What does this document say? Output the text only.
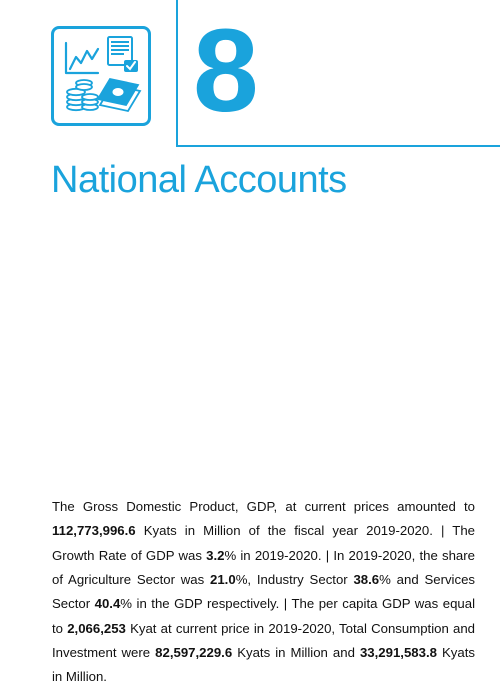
8
National Accounts

The Gross Domestic Product, GDP, at current prices amounted to 112,773,996.6 Kyats in Million of the fiscal year 2019-2020. | The Growth Rate of GDP was 3.2% in 2019-2020. | In 2019-2020, the share of Agriculture Sector was 21.0%, Industry Sector 38.6% and Services Sector 40.4% in the GDP respectively. | The per capita GDP was equal to 2,066,253 Kyat at current price in 2019-2020, Total Consumption and Investment were 82,597,229.6 Kyats in Million and 33,291,583.8 Kyats in Million.
